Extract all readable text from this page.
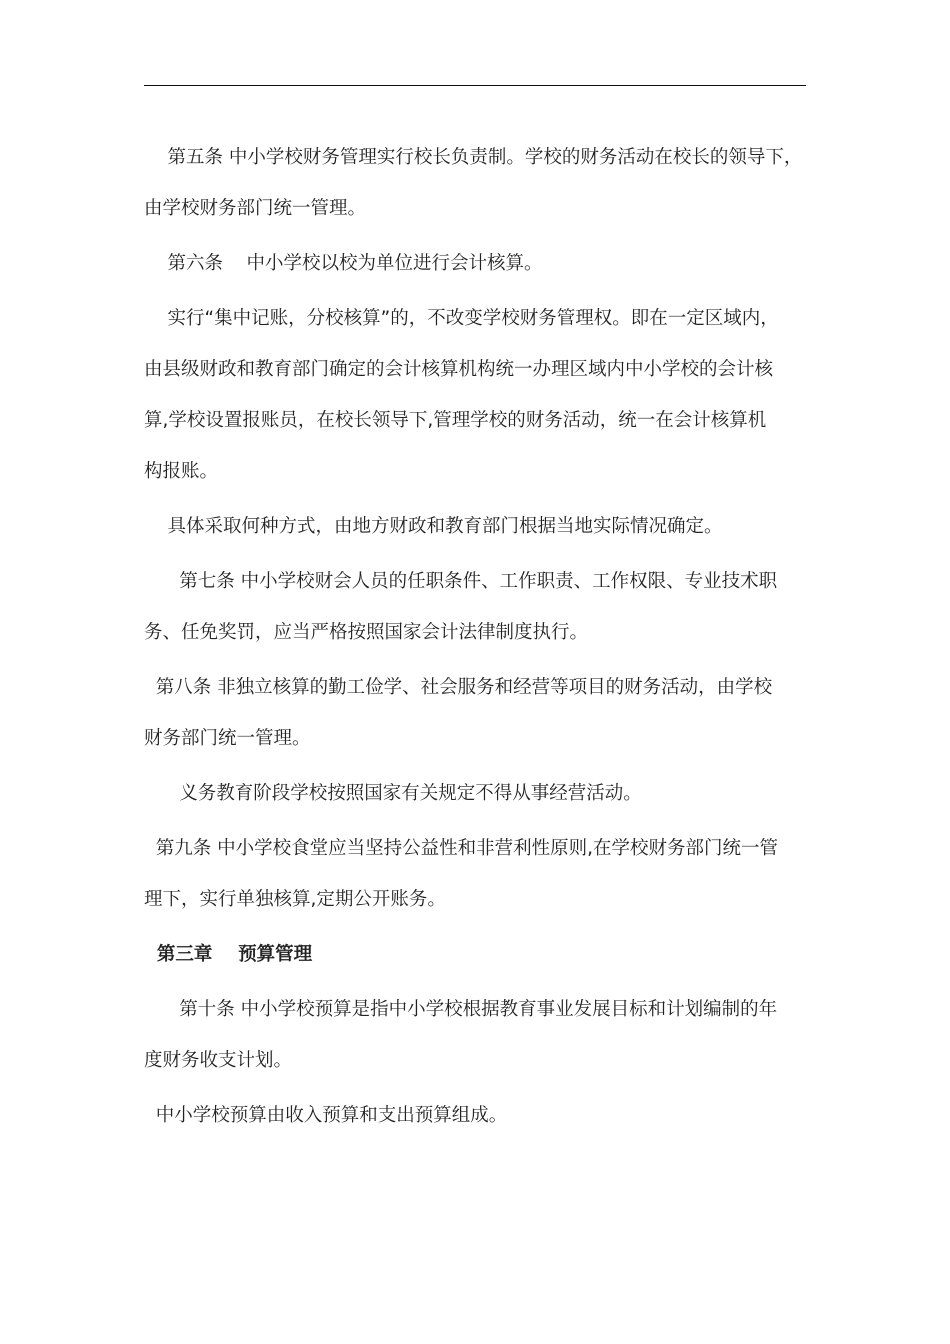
第五条 中小学校财务管理实行校长负责制。学校的财务活动在校长的领导下，

由学校财务部门统一管理。

第六条    中小学校以校为单位进行会计核算。

实行“集中记账，分校核算”的，不改变学校财务管理权。即在一定区域内，

由县级财政和教育部门确定的会计核算机构统一办理区域内中小学校的会计核

算,学校设置报账员，在校长领导下,管理学校的财务活动，统一在会计核算机

构报账。

具体采取何种方式，由地方财政和教育部门根据当地实际情况确定。

第七条 中小学校财会人员的任职条件、工作职责、工作权限、专业技术职

务、任免奖罚，应当严格按照国家会计法律制度执行。

第八条 非独立核算的勤工俭学、社会服务和经营等项目的财务活动，由学校

财务部门统一管理。

义务教育阶段学校按照国家有关规定不得从事经营活动。

第九条 中小学校食堂应当坚持公益性和非营利性原则,在学校财务部门统一管

理下，实行单独核算,定期公开账务。

第三章    预算管理

第十条 中小学校预算是指中小学校根据教育事业发展目标和计划编制的年

度财务收支计划。

中小学校预算由收入预算和支出预算组成。
